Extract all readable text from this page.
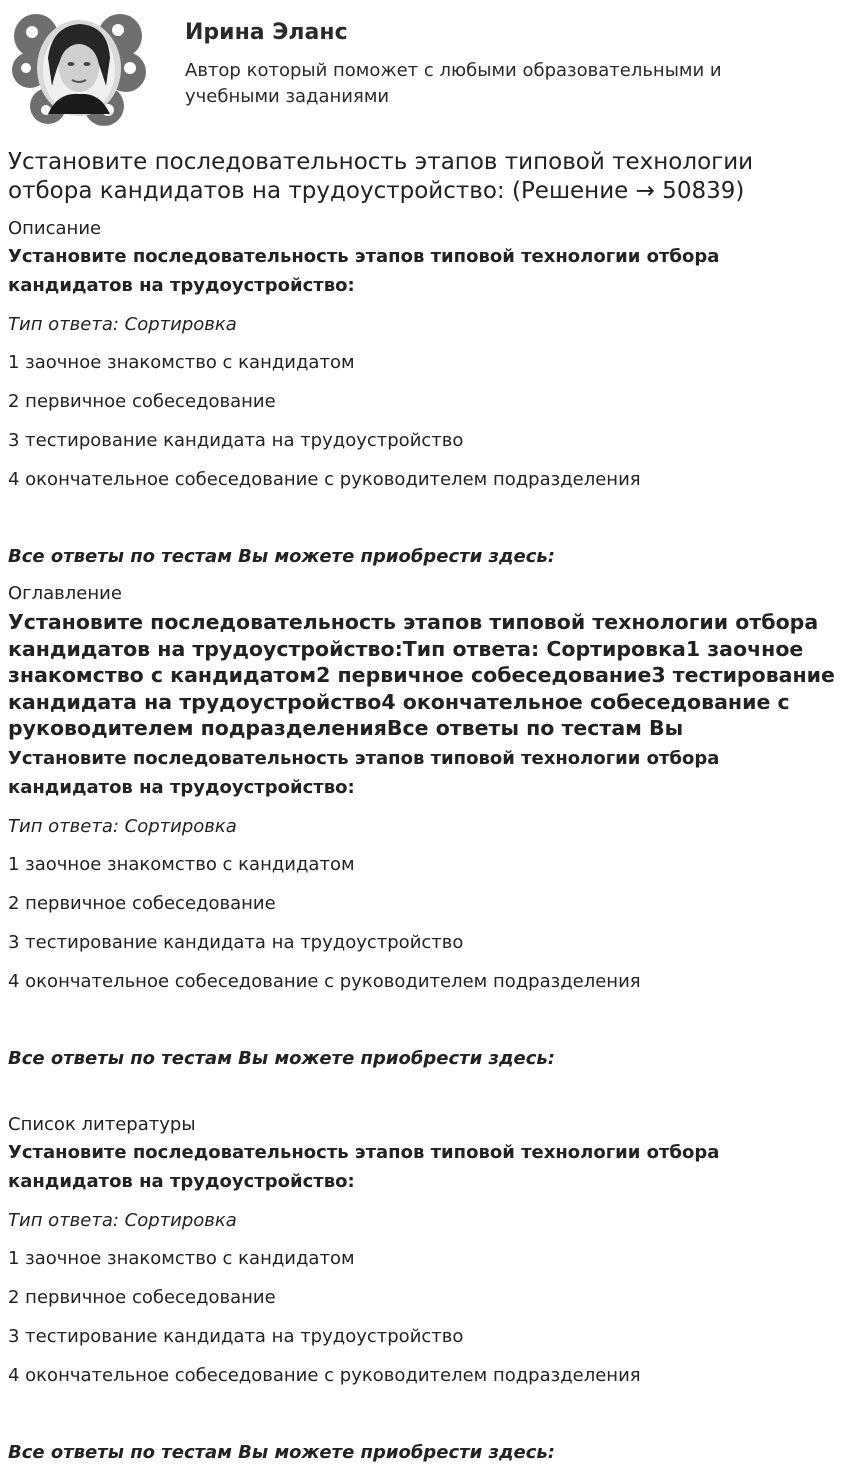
Ирина Эланс
Автор который поможет с любыми образовательными и учебными заданиями
Установите последовательность этапов типовой технологии отбора кандидатов на трудоустройство: (Решение → 50839)

Описание

Установите последовательность этапов типовой технологии отбора кандидатов на трудоустройство:

Тип ответа: Сортировка

1 заочное знакомство с кандидатом

2 первичное собеседование

3 тестирование кандидата на трудоустройство

4 окончательное собеседование с руководителем подразделения

Все ответы по тестам Вы можете приобрести здесь:

Оглавление

Установите последовательность этапов типовой технологии отбора кандидатов на трудоустройство:Тип ответа: Сортировка1 заочное знакомство с кандидатом2 первичное собеседование3 тестирование кандидата на трудоустройство4 окончательное собеседование с руководителем подразделенияВсе ответы по тестам Вы

Установите последовательность этапов типовой технологии отбора кандидатов на трудоустройство:

Тип ответа: Сортировка

1 заочное знакомство с кандидатом

2 первичное собеседование

3 тестирование кандидата на трудоустройство

4 окончательное собеседование с руководителем подразделения

Все ответы по тестам Вы можете приобрести здесь:

Список литературы

Установите последовательность этапов типовой технологии отбора кандидатов на трудоустройство:

Тип ответа: Сортировка

1 заочное знакомство с кандидатом

2 первичное собеседование

3 тестирование кандидата на трудоустройство

4 окончательное собеседование с руководителем подразделения

Все ответы по тестам Вы можете приобрести здесь:
